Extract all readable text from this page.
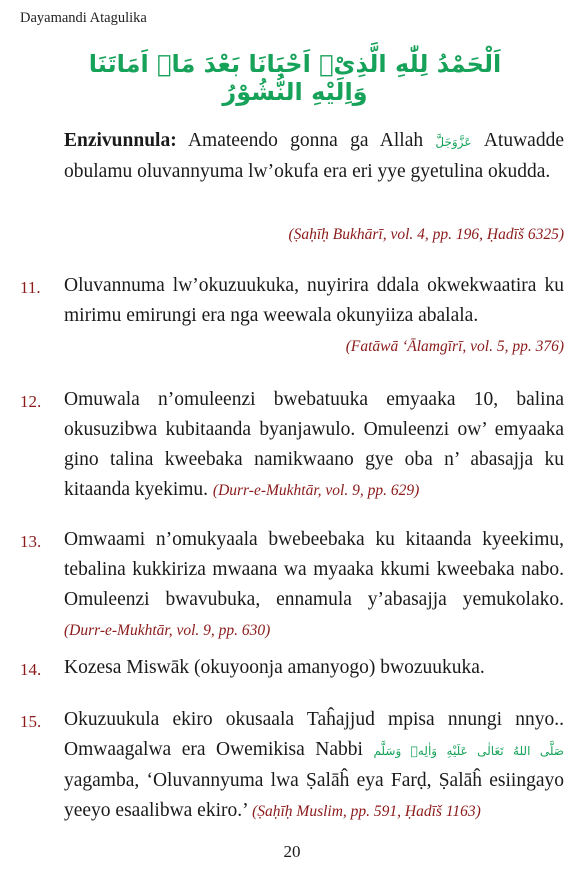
Dayamandi Atagulika
اَلْحَمْدُ لِلّٰهِ الَّذِیْۤ اَحْیَانَا بَعْدَ مَاۤ اَمَاتَنَا وَاِلَیْهِ النُّشُوْرُ
Enzivunnula: Amateendo gonna ga Allah عَزَّوَجَلَّ Atuwadde obulamu oluvannyuma lw’okufa era eri yye gyetulina okudda.
(Ṣaḥīḥ Bukhārī, vol. 4, pp. 196, Ḥadīš 6325)
11. Oluvannuma lw’okuzuukuka, nuyirira ddala okwekwaatira ku mirimu emirungi era nga weewala okunyiiza abalala.
(Fatāwā ‘Ālamgīrī, vol. 5, pp. 376)
12. Omuwala n’omuleenzi bwebatuuka emyaaka 10, balina okusuzibwa kubitaanda byanjawulo. Omuleenzi ow’ emyaaka gino talina kweebaka namikwaano gye oba n’ abasajja ku kitaanda kyekimu. (Durr-e-Mukhtār, vol. 9, pp. 629)
13. Omwaami n’omukyaala bwebeebaka ku kitaanda kyeekimu, tebalina kukkiriza mwaana wa myaaka kkumi kweebaka nabo. Omuleenzi bwavubuka, ennamula y’abasajja yemukolako. (Durr-e-Mukhtār, vol. 9, pp. 630)
14. Kozesa Miswāk (okuyoonja amanyogo) bwozuukuka.
15. Okuzuukula ekiro okusaala Taĥajjud mpisa nnungi nnyo.. Omwaagalwa era Owemikisa Nabbi صَلَّى اللهُ تَعَالٰى عَلَيْهِ وَاٰلِهٖ وَسَلَّم yagamba, ‘Oluvannyuma lwa Ṣalāĥ eya Farḍ, Ṣalāĥ esiingayo yeeyo esaalibwa ekiro.’ (Ṣaḥīḥ Muslim, pp. 591, Ḥadīš 1163)
20
